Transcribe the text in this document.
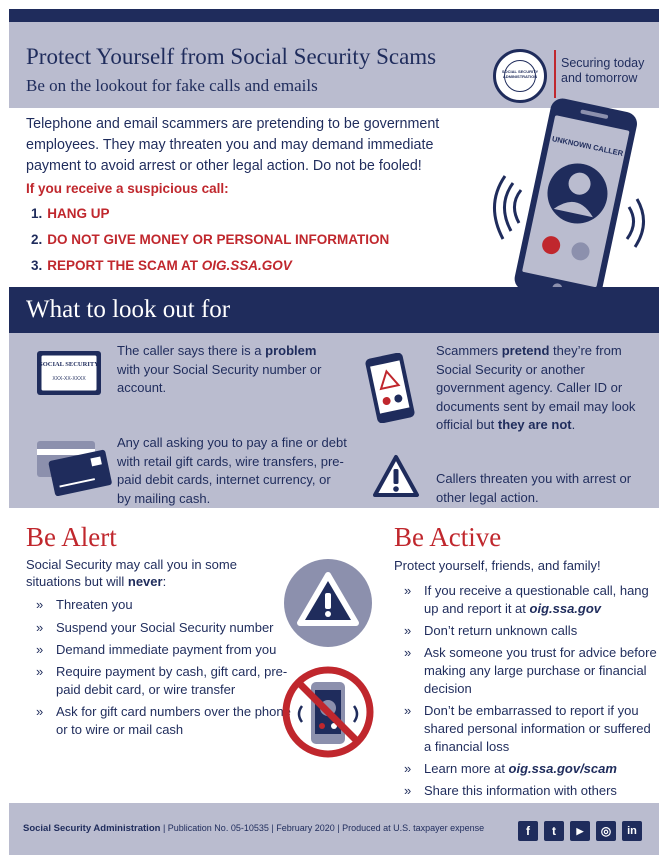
Protect Yourself from Social Security Scams
Be on the lookout for fake calls and emails
SOCIAL SECURITY ADMINISTRATION
Securing today
and tomorrow
Telephone and email scammers are pretending to be government employees. They may threaten you and may demand immediate payment to avoid arrest or other legal action. Do not be fooled!
If you receive a suspicious call:
1. HANG UP
2. DO NOT GIVE MONEY OR PERSONAL INFORMATION
3. REPORT THE SCAM AT OIG.SSA.GOV
UNKNOWN CALLER
What to look out for
SOCIAL SECURITY
XXX-XX-XXXX
The caller says there is a problem with your Social Security number or account.
Any call asking you to pay a fine or debt with retail gift cards, wire transfers, pre-paid debit cards, internet currency, or by mailing cash.
Scammers pretend they’re from Social Security or another government agency. Caller ID or documents sent by email may look official but they are not.
Callers threaten you with arrest or other legal action.
Be Alert
Social Security may call you in some situations but will never:
» Threaten you
» Suspend your Social Security number
» Demand immediate payment from you
» Require payment by cash, gift card, pre-paid debit card, or wire transfer
» Ask for gift card numbers over the phone or to wire or mail cash
Be Active
Protect yourself, friends, and family!
» If you receive a questionable call, hang up and report it at oig.ssa.gov
» Don’t return unknown calls
» Ask someone you trust for advice before making any large purchase or financial decision
» Don’t be embarrassed to report if you shared personal information or suffered a financial loss
» Learn more at oig.ssa.gov/scam
» Share this information with others
Social Security Administration | Publication No. 05-10535 | February 2020 | Produced at U.S. taxpayer expense	f	t	▶	◎	in
